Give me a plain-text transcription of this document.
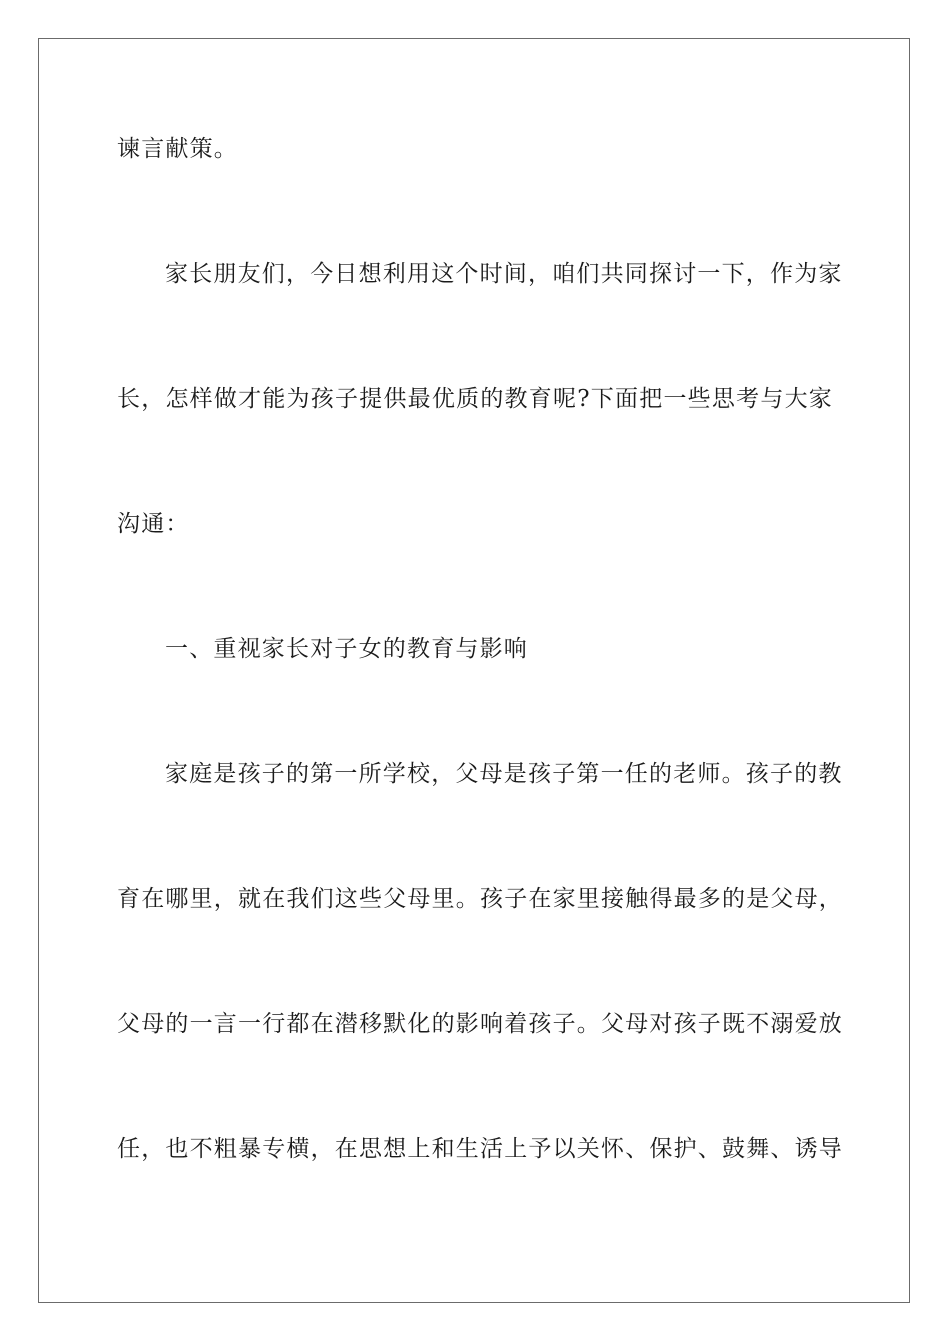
谏言献策。
家长朋友们，今日想利用这个时间，咱们共同探讨一下，作为家
长，怎样做才能为孩子提供最优质的教育呢?下面把一些思考与大家
沟通：
一、重视家长对子女的教育与影响
家庭是孩子的第一所学校，父母是孩子第一任的老师。孩子的教
育在哪里，就在我们这些父母里。孩子在家里接触得最多的是父母，
父母的一言一行都在潜移默化的影响着孩子。父母对孩子既不溺爱放
任，也不粗暴专横，在思想上和生活上予以关怀、保护、鼓舞、诱导
